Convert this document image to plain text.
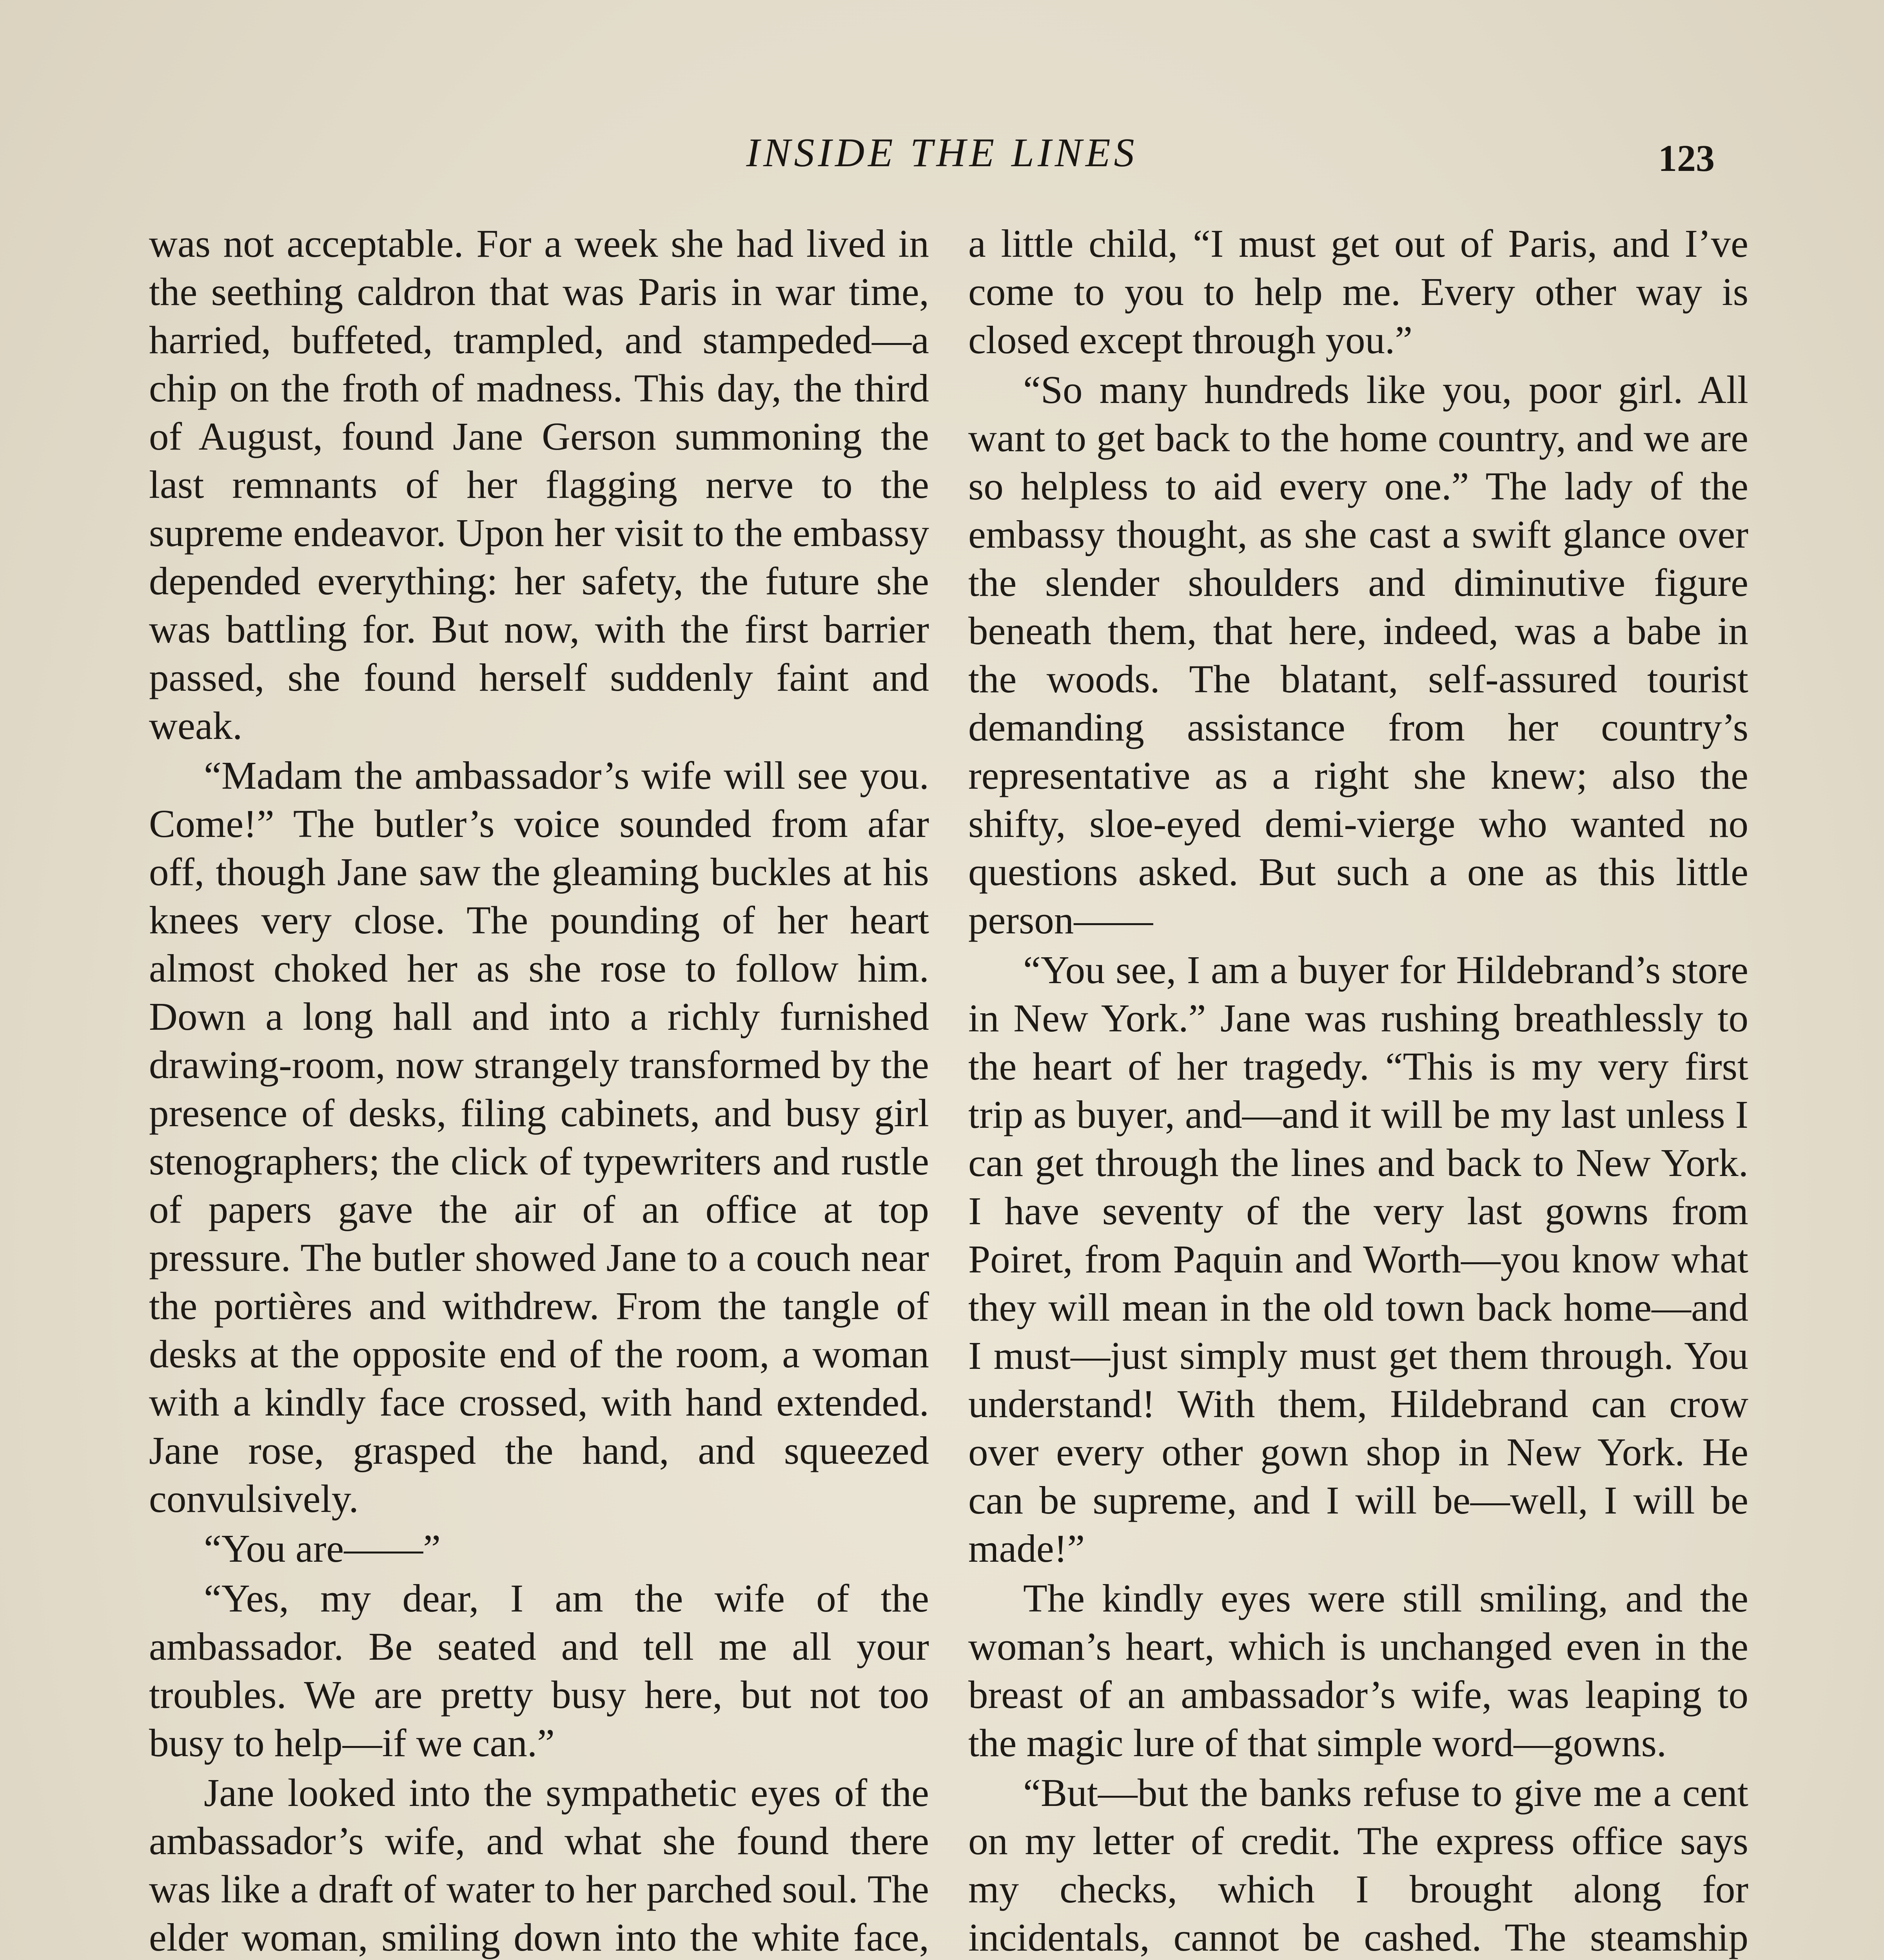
INSIDE THE LINES	123

was not acceptable. For a week she had lived in the seething caldron that was Paris in war time, harried, buffeted, trampled, and stampeded—a chip on the froth of madness. This day, the third of August, found Jane Gerson summoning the last remnants of her flagging nerve to the supreme endeavor. Upon her visit to the embassy depended everything: her safety, the future she was battling for. But now, with the first barrier passed, she found herself suddenly faint and weak.

“Madam the ambassador’s wife will see you. Come!” The butler’s voice sounded from afar off, though Jane saw the gleaming buckles at his knees very close. The pounding of her heart almost choked her as she rose to follow him. Down a long hall and into a richly furnished drawing-room, now strangely transformed by the presence of desks, filing cabinets, and busy girl stenographers; the click of typewriters and rustle of papers gave the air of an office at top pressure. The butler showed Jane to a couch near the portières and withdrew. From the tangle of desks at the opposite end of the room, a woman with a kindly face crossed, with hand extended. Jane rose, grasped the hand, and squeezed convulsively.

“You are——”

“Yes, my dear, I am the wife of the ambassador. Be seated and tell me all your troubles. We are pretty busy here, but not too busy to help—if we can.”

Jane looked into the sympathetic eyes of the ambassador’s wife, and what she found there was like a draft of water to her parched soul. The elder woman, smiling down into the white face,

a little child, “I must get out of Paris, and I’ve come to you to help me. Every other way is closed except through you.”

“So many hundreds like you, poor girl. All want to get back to the home country, and we are so helpless to aid every one.” The lady of the embassy thought, as she cast a swift glance over the slender shoulders and diminutive figure beneath them, that here, indeed, was a babe in the woods. The blatant, self-assured tourist demanding assistance from her country’s representative as a right she knew; also the shifty, sloe-eyed demi-vierge who wanted no questions asked. But such a one as this little person——

“You see, I am a buyer for Hildebrand’s store in New York.” Jane was rushing breathlessly to the heart of her tragedy. “This is my very first trip as buyer, and—and it will be my last unless I can get through the lines and back to New York. I have seventy of the very last gowns from Poiret, from Paquin and Worth—you know what they will mean in the old town back home—and I must—just simply must get them through. You understand! With them, Hildebrand can crow over every other gown shop in New York. He can be supreme, and I will be—well, I will be made!”

The kindly eyes were still smiling, and the woman’s heart, which is unchanged even in the breast of an ambassador’s wife, was leaping to the magic lure of that simple word—gowns.

“But—but the banks refuse to give me a cent on my letter of credit. The express office says my checks, which I brought along for incidentals, cannot be cashed. The steamship
